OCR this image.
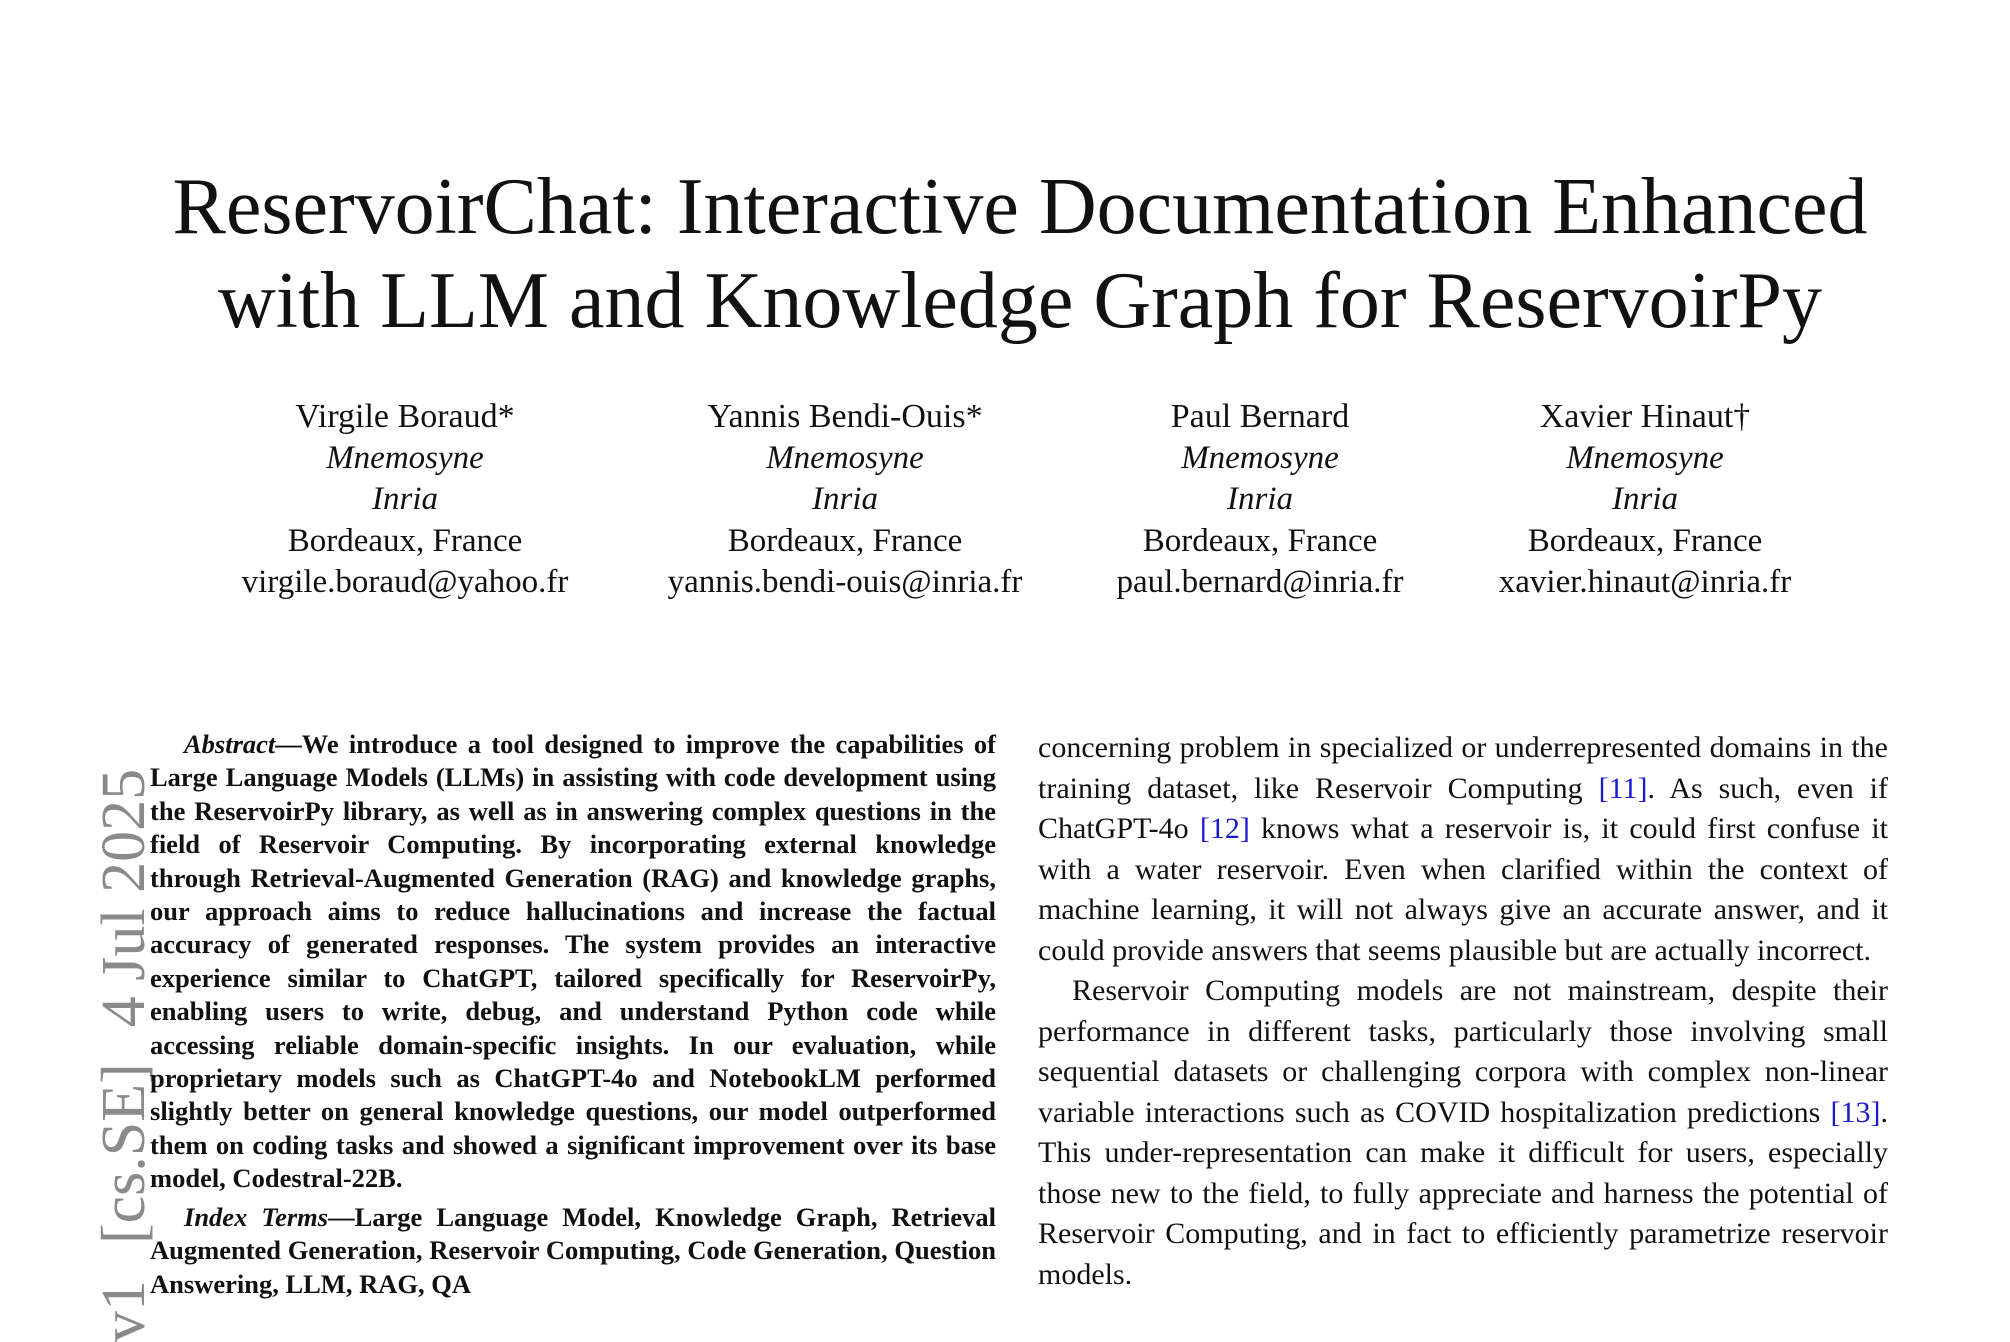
ReservoirChat: Interactive Documentation Enhanced
with LLM and Knowledge Graph for ReservoirPy
Virgile Boraud*
Mnemosyne
Inria
Bordeaux, France
virgile.boraud@yahoo.fr
Yannis Bendi-Ouis*
Mnemosyne
Inria
Bordeaux, France
yannis.bendi-ouis@inria.fr
Paul Bernard
Mnemosyne
Inria
Bordeaux, France
paul.bernard@inria.fr
Xavier Hinaut†
Mnemosyne
Inria
Bordeaux, France
xavier.hinaut@inria.fr
v1[cs.SE]4 Jul 2025

Abstract—We introduce a tool designed to improve the capabilities of Large Language Models (LLMs) in assisting with code development using the ReservoirPy library, as well as in answering complex questions in the field of Reservoir Computing. By incorporating external knowledge through Retrieval-Augmented Generation (RAG) and knowledge graphs, our approach aims to reduce hallucinations and increase the factual accuracy of generated responses. The system provides an interactive experience similar to ChatGPT, tailored specifically for ReservoirPy, enabling users to write, debug, and understand Python code while accessing reliable domain-specific insights. In our evaluation, while proprietary models such as ChatGPT-4o and NotebookLM performed slightly better on general knowledge questions, our model outperformed them on coding tasks and showed a significant improvement over its base model, Codestral-22B.

Index Terms—Large Language Model, Knowledge Graph, Retrieval Augmented Generation, Reservoir Computing, Code Generation, Question Answering, LLM, RAG, QA

concerning problem in specialized or underrepresented domains in the training dataset, like Reservoir Computing [11]. As such, even if ChatGPT-4o [12] knows what a reservoir is, it could first confuse it with a water reservoir. Even when clarified within the context of machine learning, it will not always give an accurate answer, and it could provide answers that seems plausible but are actually incorrect.

Reservoir Computing models are not mainstream, despite their performance in different tasks, particularly those involving small sequential datasets or challenging corpora with complex non-linear variable interactions such as COVID hospitalization predictions [13]. This under-representation can make it difficult for users, especially those new to the field, to fully appreciate and harness the potential of Reservoir Computing, and in fact to efficiently parametrize reservoir models.
